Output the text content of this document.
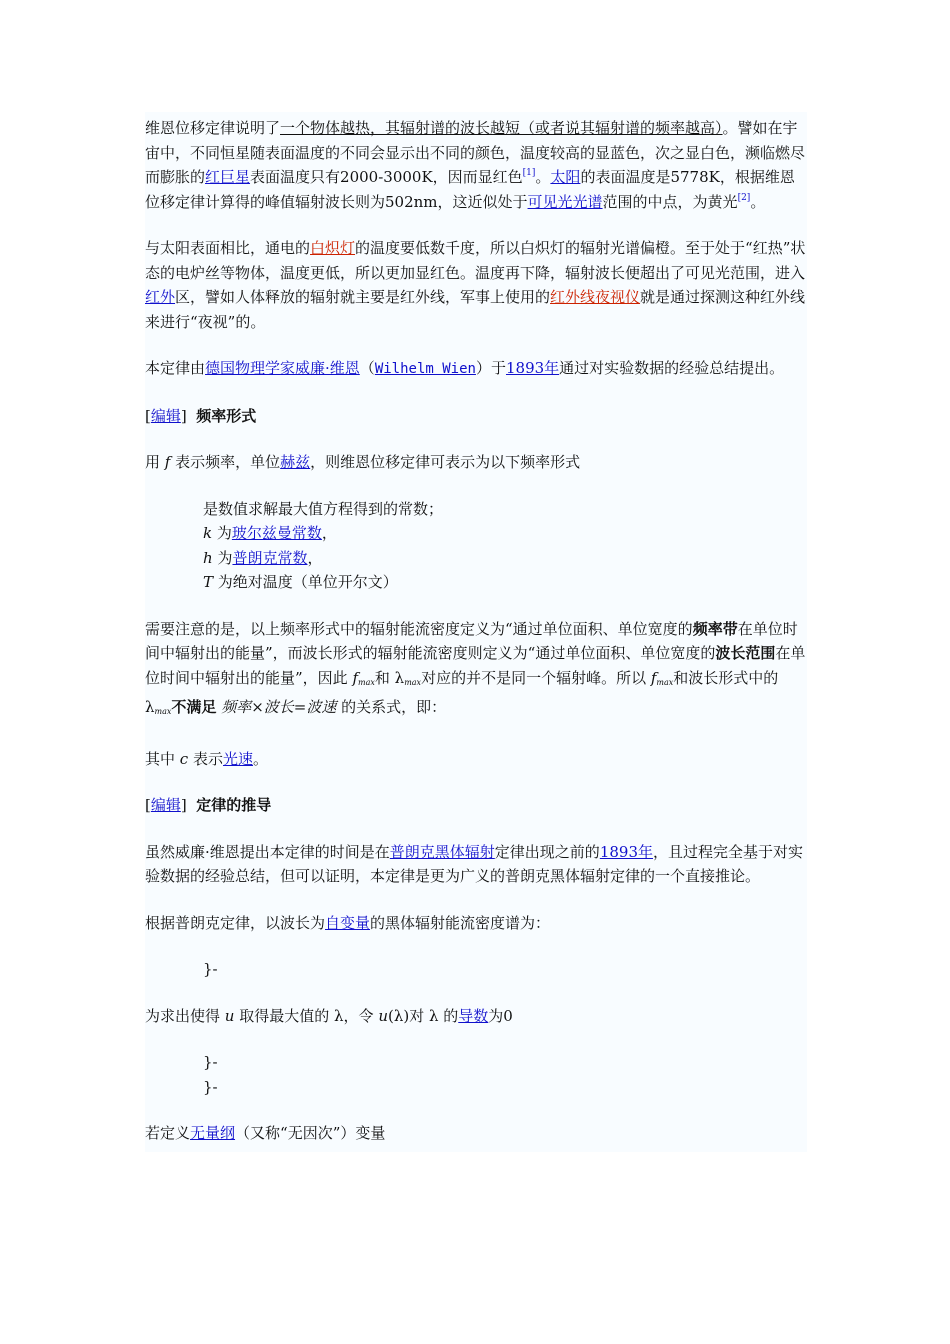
维恩位移定律说明了一个物体越热，其辐射谱的波长越短（或者说其辐射谱的频率越高）。譬如在宇宙中，不同恒星随表面温度的不同会显示出不同的颜色，温度较高的显蓝色，次之显白色，濒临燃尽而膨胀的红巨星表面温度只有2000-3000K，因而显红色[1]。太阳的表面温度是5778K，根据维恩位移定律计算得的峰值辐射波长则为502nm，这近似处于可见光光谱范围的中点，为黄光[2]。

与太阳表面相比，通电的白炽灯的温度要低数千度，所以白炽灯的辐射光谱偏橙。至于处于“红热”状态的电炉丝等物体，温度更低，所以更加显红色。温度再下降，辐射波长便超出了可见光范围，进入红外区，譬如人体释放的辐射就主要是红外线，军事上使用的红外线夜视仪就是通过探测这种红外线来进行“夜视”的。

本定律由德国物理学家威廉·维恩（Wilhelm Wien）于1893年通过对实验数据的经验总结提出。

[编辑]  频率形式

用 f 表示频率，单位赫兹，则维恩位移定律可表示为以下频率形式

是数值求解最大值方程得到的常数；

k 为玻尔兹曼常数，

h 为普朗克常数，

T 为绝对温度（单位开尔文）

需要注意的是，以上频率形式中的辐射能流密度定义为“通过单位面积、单位宽度的频率带在单位时间中辐射出的能量”，而波长形式的辐射能流密度则定义为“通过单位面积、单位宽度的波长范围在单位时间中辐射出的能量”，因此 $f_{max}$和 $\lambda_{max}$对应的并不是同一个辐射峰。所以 $f_{max}$和波长形式中的 $\lambda_{max}$不满足 频率×波长=波速 的关系式，即：

其中 c 表示光速。

[编辑]  定律的推导

虽然威廉·维恩提出本定律的时间是在普朗克黑体辐射定律出现之前的1893年，且过程完全基于对实验数据的经验总结，但可以证明，本定律是更为广义的普朗克黑体辐射定律的一个直接推论。

根据普朗克定律，以波长为自变量的黑体辐射能流密度谱为：

}-

为求出使得 u 取得最大值的 λ，令 u(λ)对 λ 的导数为0

}-

}-

若定义无量纲（又称“无因次”）变量
